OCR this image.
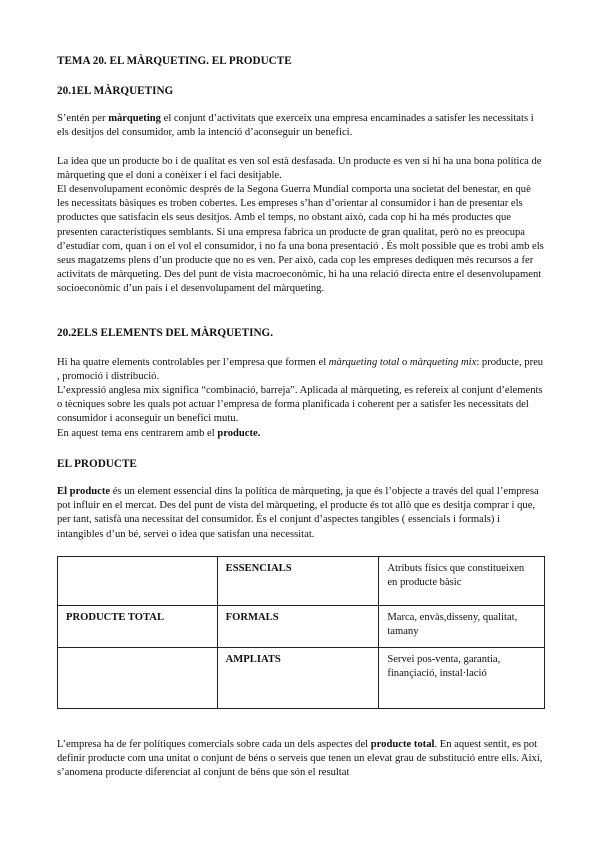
TEMA 20. EL MÀRQUETING. EL PRODUCTE
20.1EL MÀRQUETING

S’entén per màrqueting el conjunt d’activitats que exerceix una empresa encaminades a satisfer les necessitats i els desitjos del consumidor, amb la intenció d’aconseguir un benefici.

La idea que un producte bo i de qualitat es ven sol està desfasada. Un producte es ven si hi ha una bona política de màrqueting que el doni a conèixer i el faci desitjable.

El desenvolupament econòmic després de la Segona Guerra Mundial comporta una societat del benestar, en què les necessitats bàsiques es troben cobertes. Les empreses s’han d’orientar al consumidor i han de presentar els productes que satisfacin els seus desitjos. Amb el temps, no obstant això, cada cop hi ha més productes que presenten característiques semblants. Si una empresa fabrica un producte de gran qualitat, però no es preocupa d’estudiar com, quan i on el vol el consumidor, i no fa una bona presentació . És molt possible que es trobi amb els seus magatzems plens d’un producte que no es ven. Per això, cada cop les empreses dediquen més recursos a fer activitats de màrqueting. Des del punt de vista macroeconòmic, hi ha una relació directa entre el desenvolupament socioeconòmic d’un país i el desenvolupament del màrqueting.

20.2ELS ELEMENTS DEL MÀRQUETING.

Hi ha quatre elements controlables per l’empresa que formen el màrqueting total o màrqueting mix: producte, preu , promoció i distribució.

L’expressió anglesa mix significa “combinació, barreja”. Aplicada al màrqueting, es refereix al conjunt d’elements o tècniques sobre les quals pot actuar l’empresa de forma planificada i coherent per a satisfer les necessitats del consumidor i aconseguir un benefici mutu.

En aquest tema ens centrarem amb el producte.

EL PRODUCTE

El producte és un element essencial dins la política de màrqueting, ja que és l’objecte a través del qual l’empresa pot influir en el mercat. Des del punt de vista del màrqueting, el producte és tot allò que es desitja comprar i que, per tant, satisfà una necessitat del consumidor. És el conjunt d’aspectes tangibles ( essencials i formals) i intangibles d’un bé, servei o idea que satisfan una necessitat.

	ESSENCIALS	Atributs físics que constitueixen en producte bàsic
PRODUCTE TOTAL	FORMALS	Marca, envàs,disseny, qualitat, tamany
	AMPLIATS	Servei pos-venta, garantia, finançiació, instal·lació

L’empresa ha de fer polítiques comercials sobre cada un dels aspectes del producte total. En aquest sentit, es pot definir producte com una unitat o conjunt de béns o serveis que tenen un elevat grau de substitució entre ells. Així, s’anomena producte diferenciat al conjunt de béns que són el resultat
